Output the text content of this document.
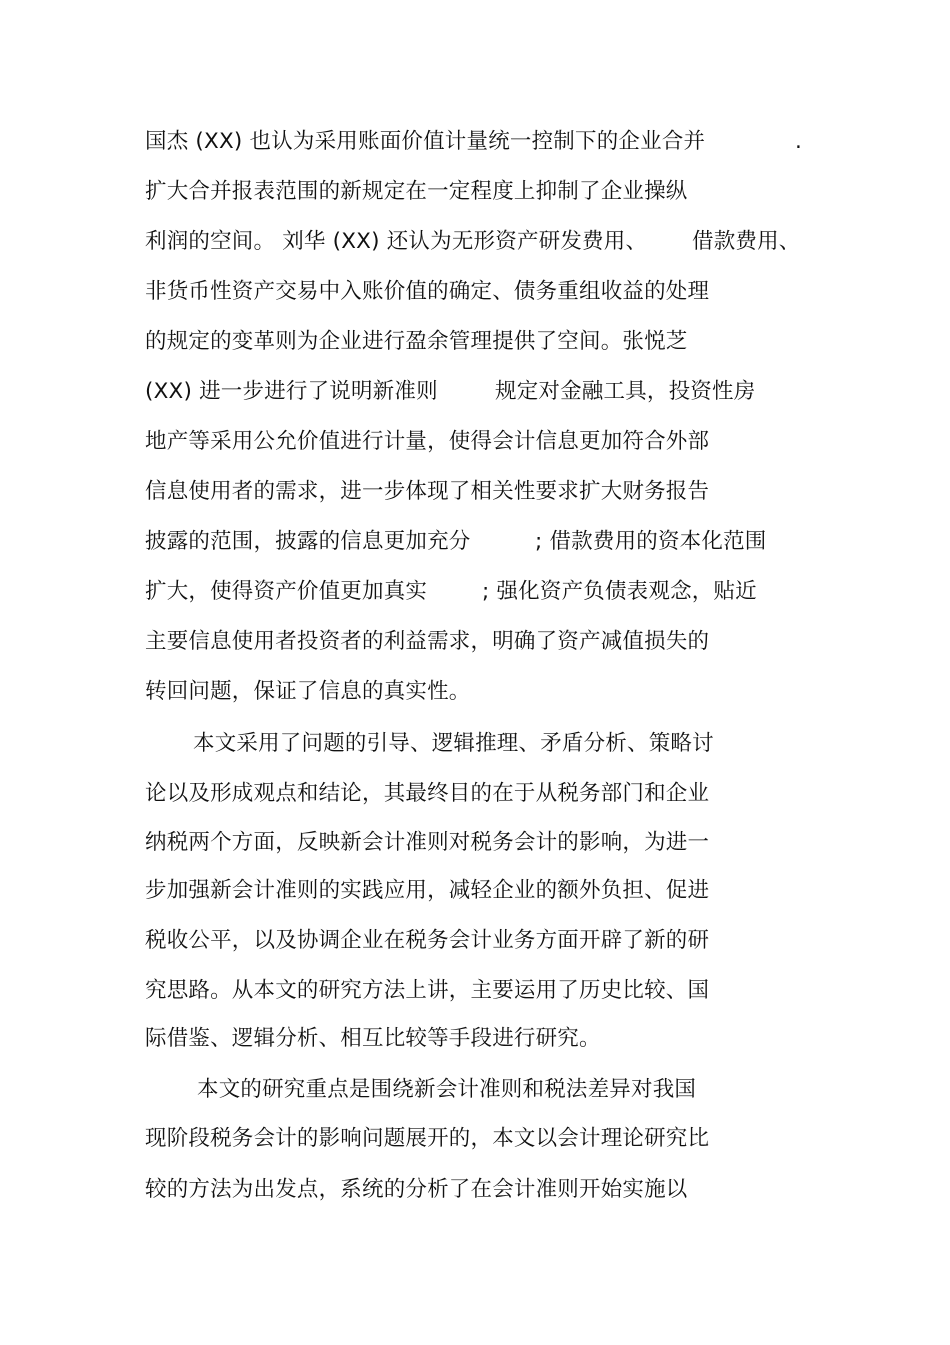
国杰 (XX) 也认为采用账面价值计量统一控制下的企业合并	.
扩大合并报表范围的新规定在一定程度上抑制了企业操纵
利润的空间。 刘华 (XX) 还认为无形资产研发费用、 借款费用、
非货币性资产交易中入账价值的确定、债务重组收益的处理
的规定的变革则为企业进行盈余管理提供了空间。张悦芝
(XX) 进一步进行了说明新准则	规定对金融工具，投资性房
地产等采用公允价值进行计量，使得会计信息更加符合外部
信息使用者的需求，进一步体现了相关性要求扩大财务报告
披露的范围，披露的信息更加充分	; 借款费用的资本化范围
扩大，使得资产价值更加真实	; 强化资产负债表观念，贴近
主要信息使用者投资者的利益需求，明确了资产减值损失的
转回问题，保证了信息的真实性。
本文采用了问题的引导、逻辑推理、矛盾分析、策略讨
论以及形成观点和结论，其最终目的在于从税务部门和企业
纳税两个方面，反映新会计准则对税务会计的影响，为进一
步加强新会计准则的实践应用，减轻企业的额外负担、促进
税收公平，以及协调企业在税务会计业务方面开辟了新的研
究思路。从本文的研究方法上讲，主要运用了历史比较、国
际借鉴、逻辑分析、相互比较等手段进行研究。
本文的研究重点是围绕新会计准则和税法差异对我国
现阶段税务会计的影响问题展开的，本文以会计理论研究比
较的方法为出发点，系统的分析了在会计准则开始实施以
